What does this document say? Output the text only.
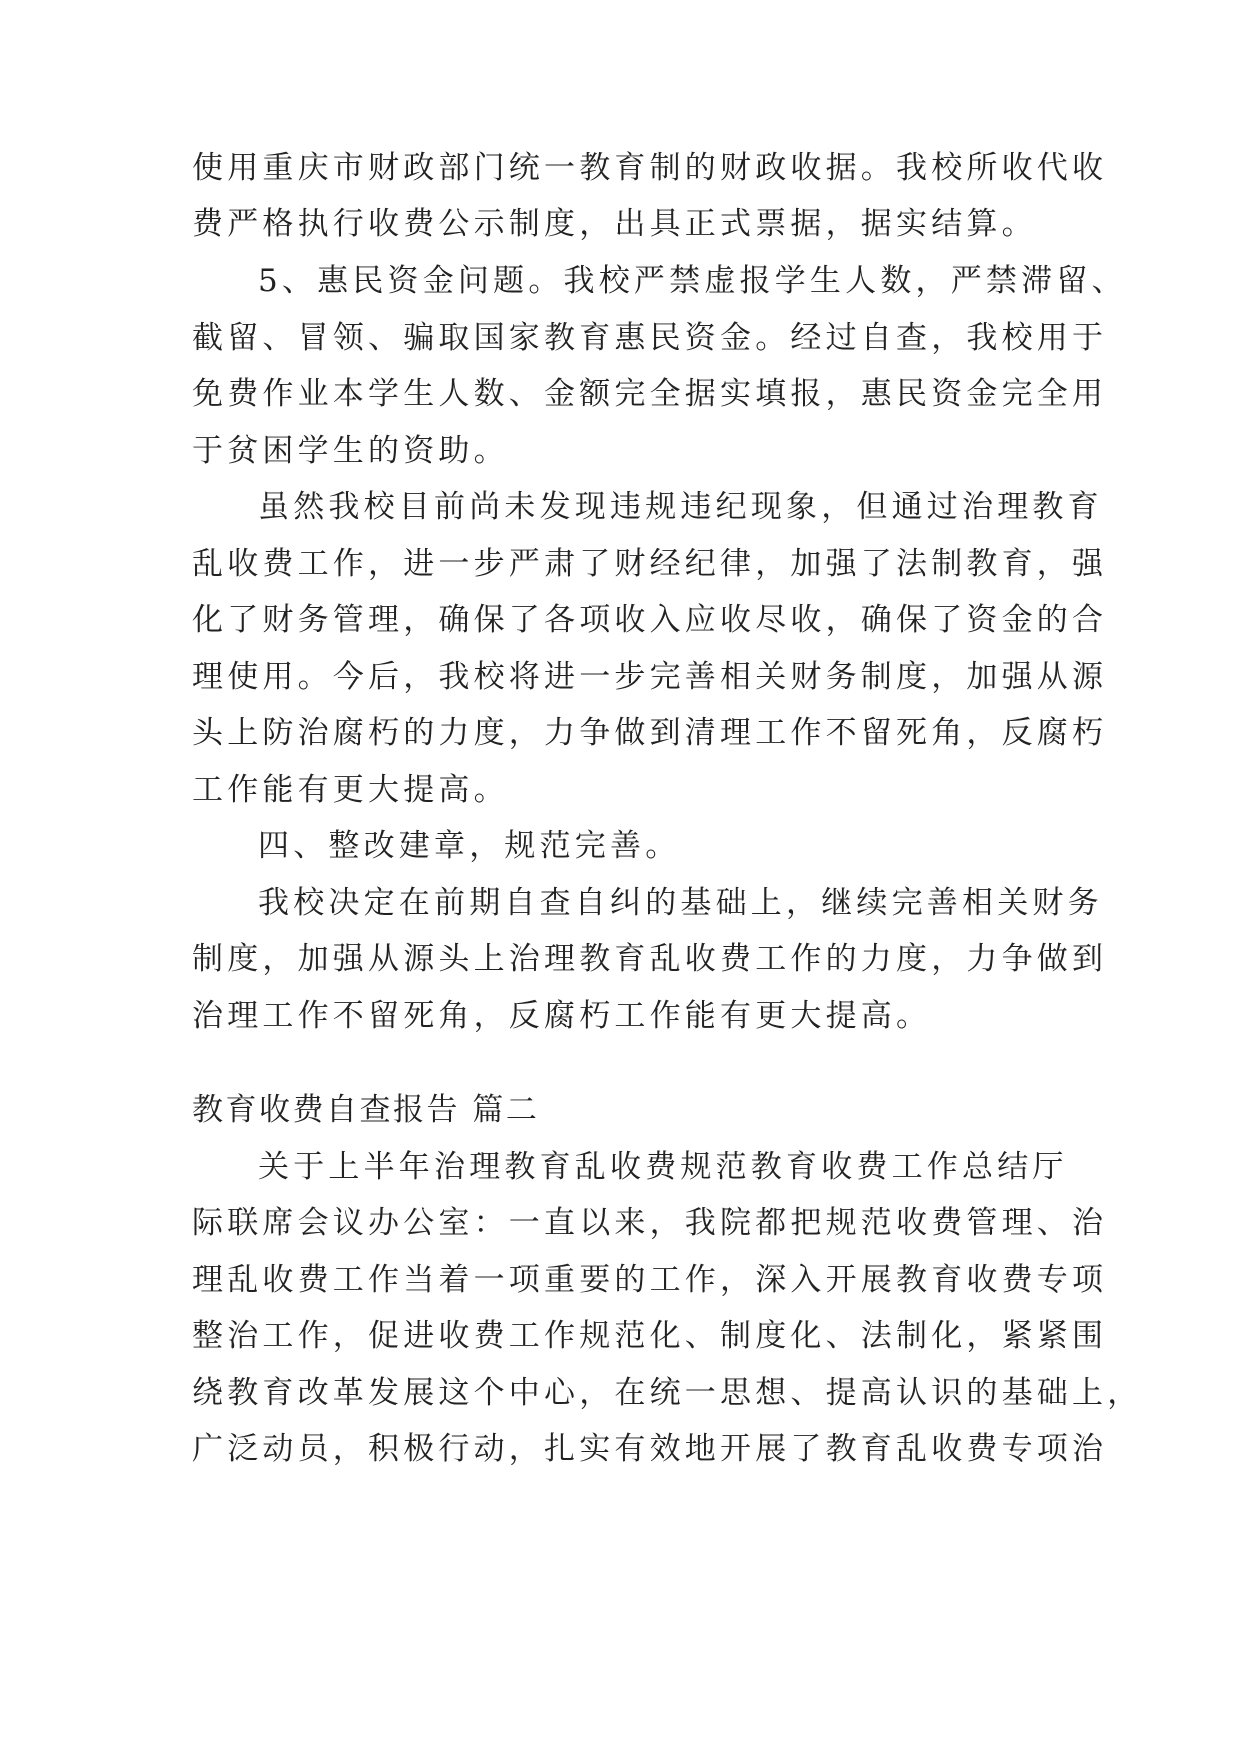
使用重庆市财政部门统一教育制的财政收据。我校所收代收
费严格执行收费公示制度，出具正式票据，据实结算。
5、惠民资金问题。我校严禁虚报学生人数，严禁滞留、
截留、冒领、骗取国家教育惠民资金。经过自查，我校用于
免费作业本学生人数、金额完全据实填报，惠民资金完全用
于贫困学生的资助。
虽然我校目前尚未发现违规违纪现象，但通过治理教育
乱收费工作，进一步严肃了财经纪律，加强了法制教育，强
化了财务管理，确保了各项收入应收尽收，确保了资金的合
理使用。今后，我校将进一步完善相关财务制度，加强从源
头上防治腐朽的力度，力争做到清理工作不留死角，反腐朽
工作能有更大提高。
四、整改建章，规范完善。
我校决定在前期自查自纠的基础上，继续完善相关财务
制度，加强从源头上治理教育乱收费工作的力度，力争做到
治理工作不留死角，反腐朽工作能有更大提高。
教育收费自查报告 篇二
关于上半年治理教育乱收费规范教育收费工作总结厅
际联席会议办公室：一直以来，我院都把规范收费管理、治
理乱收费工作当着一项重要的工作，深入开展教育收费专项
整治工作，促进收费工作规范化、制度化、法制化，紧紧围
绕教育改革发展这个中心，在统一思想、提高认识的基础上，
广泛动员，积极行动，扎实有效地开展了教育乱收费专项治
